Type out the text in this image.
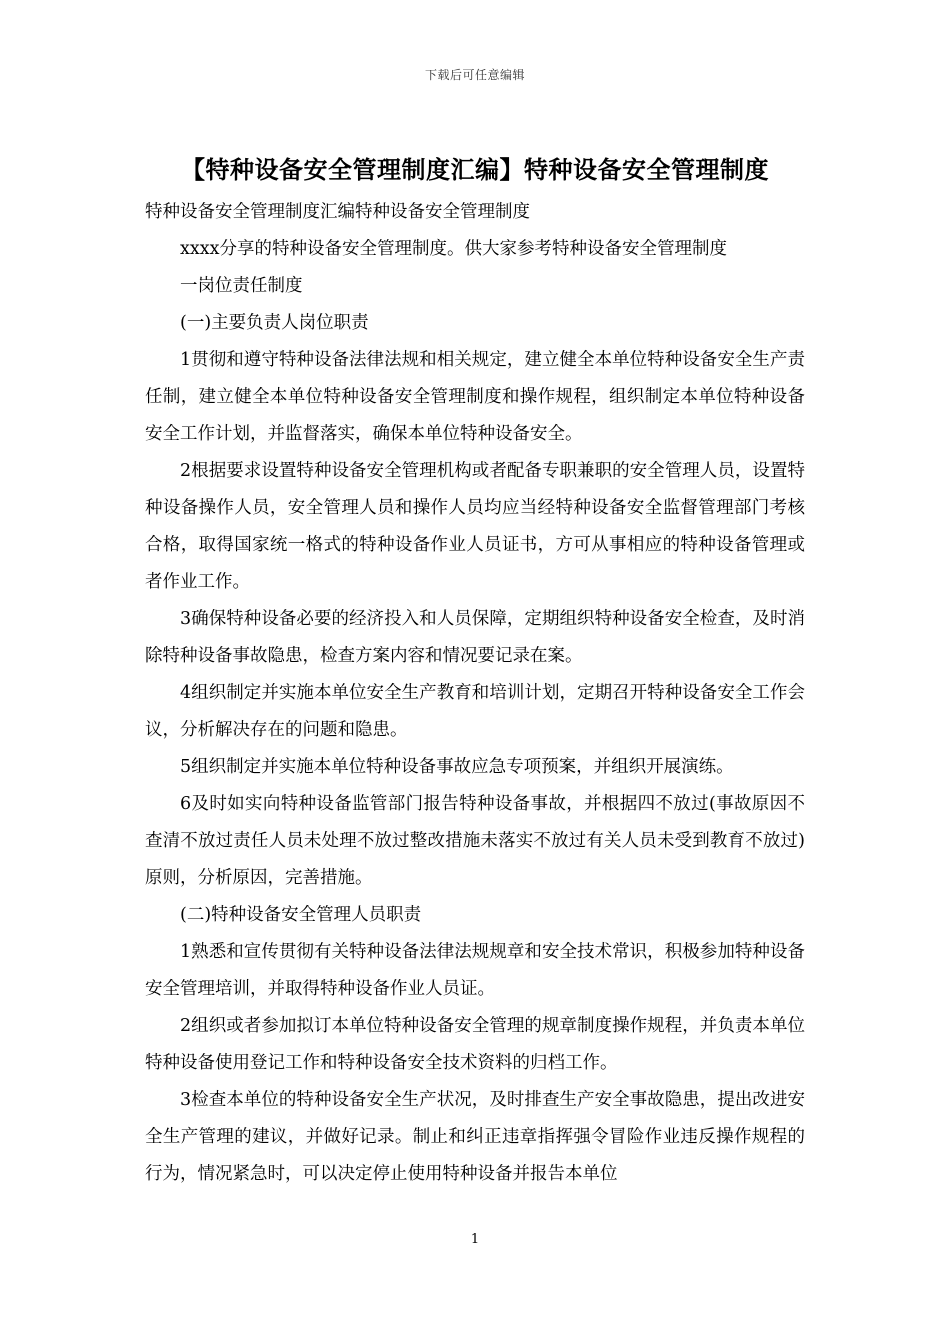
下载后可任意编辑
【特种设备安全管理制度汇编】特种设备安全管理制度

特种设备安全管理制度汇编特种设备安全管理制度

xxxx分享的特种设备安全管理制度。供大家参考特种设备安全管理制度

一岗位责任制度

(一)主要负责人岗位职责

1贯彻和遵守特种设备法律法规和相关规定，建立健全本单位特种设备安全生产责任制，建立健全本单位特种设备安全管理制度和操作规程，组织制定本单位特种设备安全工作计划，并监督落实，确保本单位特种设备安全。

2根据要求设置特种设备安全管理机构或者配备专职兼职的安全管理人员，设置特种设备操作人员，安全管理人员和操作人员均应当经特种设备安全监督管理部门考核合格，取得国家统一格式的特种设备作业人员证书，方可从事相应的特种设备管理或者作业工作。

3确保特种设备必要的经济投入和人员保障，定期组织特种设备安全检查，及时消除特种设备事故隐患，检查方案内容和情况要记录在案。

4组织制定并实施本单位安全生产教育和培训计划，定期召开特种设备安全工作会议，分析解决存在的问题和隐患。

5组织制定并实施本单位特种设备事故应急专项预案，并组织开展演练。

6及时如实向特种设备监管部门报告特种设备事故，并根据四不放过(事故原因不查清不放过责任人员未处理不放过整改措施未落实不放过有关人员未受到教育不放过)原则，分析原因，完善措施。

(二)特种设备安全管理人员职责

1熟悉和宣传贯彻有关特种设备法律法规规章和安全技术常识，积极参加特种设备安全管理培训，并取得特种设备作业人员证。

2组织或者参加拟订本单位特种设备安全管理的规章制度操作规程，并负责本单位特种设备使用登记工作和特种设备安全技术资料的归档工作。

3检查本单位的特种设备安全生产状况，及时排查生产安全事故隐患，提出改进安全生产管理的建议，并做好记录。制止和纠正违章指挥强令冒险作业违反操作规程的行为，情况紧急时，可以决定停止使用特种设备并报告本单位

1
